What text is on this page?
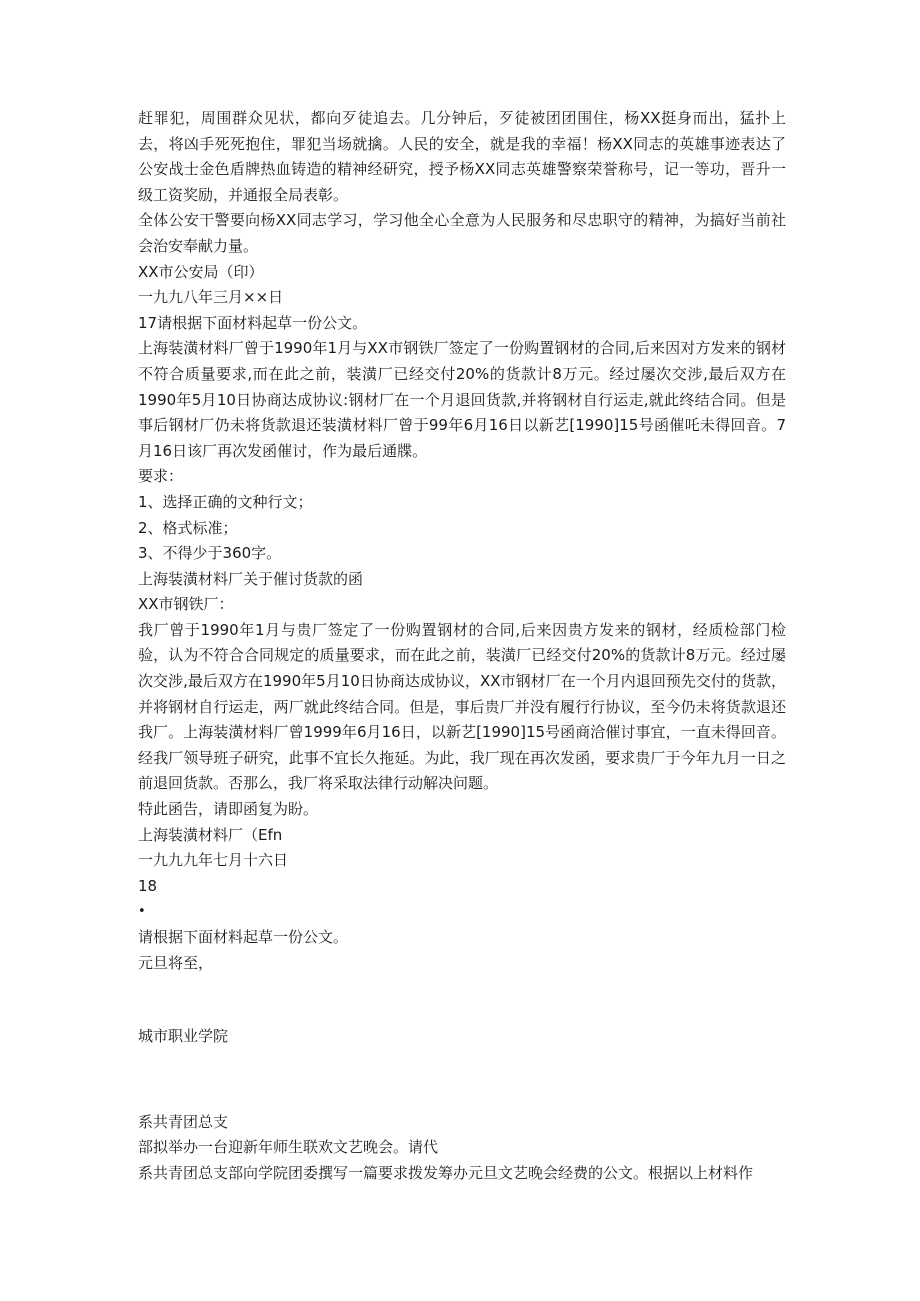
赶罪犯，周围群众见状，都向歹徒追去。几分钟后，歹徒被团团围住，杨XX挺身而出，猛扑上去，将凶手死死抱住，罪犯当场就擒。人民的安全，就是我的幸福！杨XX同志的英雄事迹表达了公安战士金色盾牌热血铸造的精神经研究，授予杨XX同志英雄警察荣誉称号，记一等功，晋升一级工资奖励，并通报全局表彰。

全体公安干警要向杨XX同志学习，学习他全心全意为人民服务和尽忠职守的精神，为搞好当前社会治安奉献力量。

XX市公安局（印）

一九九八年三月××日

17请根据下面材料起草一份公文。

上海装潢材料厂曾于1990年1月与XX市钢铁厂签定了一份购置钢材的合同,后来因对方发来的钢材不符合质量要求,而在此之前，装潢厂已经交付20%的货款计8万元。经过屡次交涉,最后双方在1990年5月10日协商达成协议:钢材厂在一个月退回货款,并将钢材自行运走,就此终结合同。但是事后钢材厂仍未将货款退还装潢材料厂曾于99年6月16日以新艺[1990]15号函催吒未得回音。7月16日该厂再次发函催讨，作为最后通牒。

要求：

1、选择正确的文种行文；

2、格式标准；

3、不得少于360字。

上海装潢材料厂关于催讨货款的函

XX市钢铁厂：

我厂曾于1990年1月与贵厂签定了一份购置钢材的合同,后来因贵方发来的钢材，经质检部门检验，认为不符合合同规定的质量要求，而在此之前，装潢厂已经交付20%的货款计8万元。经过屡次交涉,最后双方在1990年5月10日协商达成协议，XX市钢材厂在一个月内退回预先交付的货款，并将钢材自行运走，两厂就此终结合同。但是，事后贵厂并没有履行行协议，至今仍未将货款退还我厂。上海装潢材料厂曾1999年6月16日，以新艺[1990]15号函商洽催讨事宜，一直未得回音。经我厂领导班子研究，此事不宜长久拖延。为此，我厂现在再次发函，要求贵厂于今年九月一日之前退回货款。否那么，我厂将采取法律行动解决问题。

特此函告，请即函复为盼。

上海装潢材料厂（Efn

一九九九年七月十六日

18

•

请根据下面材料起草一份公文。

元旦将至，

城市职业学院

系共青团总支

部拟举办一台迎新年师生联欢文艺晚会。请代

系共青团总支部向学院团委撰写一篇要求拨发筹办元旦文艺晚会经费的公文。根据以上材料作
